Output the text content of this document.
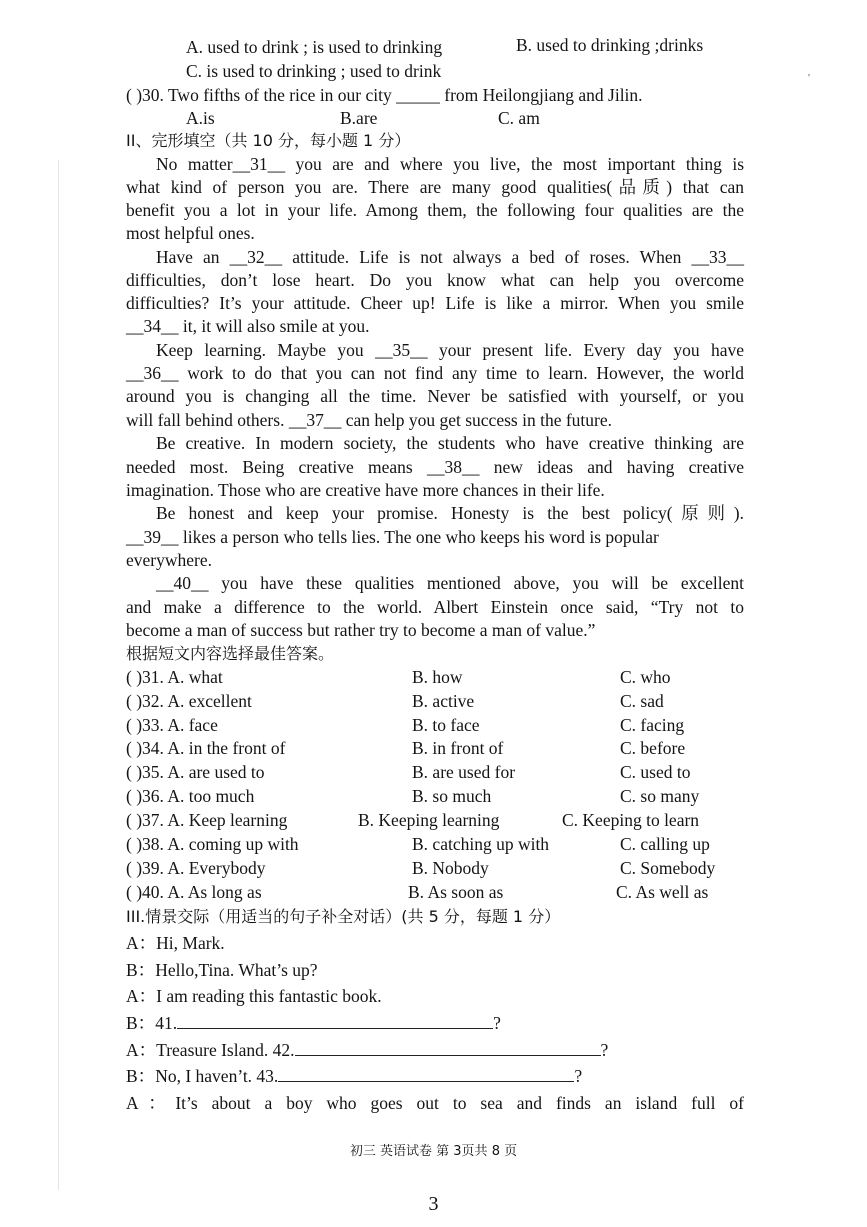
'
A. used to drink ; is used to drinking	B. used to drinking ;drinks
C. is used to drinking ; used to drink
( )30. Two fifths of the rice in our city _____ from Heilongjiang and Jilin.
A.is	B.are	C. am
II、完形填空（共 10 分，每小题 1 分）
No matter__31__ you are and where you live, the most important thing is
what kind of person you are. There are many good qualities(品质) that can
benefit you a lot in your life. Among them, the following four qualities are the
most helpful ones.
Have an __32__ attitude. Life is not always a bed of roses. When __33__
difficulties, don’t lose heart. Do you know what can help you overcome
difficulties? It’s your attitude. Cheer up! Life is like a mirror. When you smile
__34__ it, it will also smile at you.
Keep learning. Maybe you __35__ your present life. Every day you have
__36__ work to do that you can not find any time to learn. However, the world
around you is changing all the time. Never be satisfied with yourself, or you
will fall behind others. __37__ can help you get success in the future.
Be creative. In modern society, the students who have creative thinking are
needed most. Being creative means __38__ new ideas and having creative
imagination. Those who are creative have more chances in their life.
Be honest and keep your promise. Honesty is the best policy(原则).
__39__ likes a person who tells lies. The one who keeps his word is popular
everywhere.
__40__ you have these qualities mentioned above, you will be excellent
and make a difference to the world. Albert Einstein once said, “Try not to
become a man of success but rather try to become a man of value.”
根据短文内容选择最佳答案。
( )31. A. what	B. how	C. who
( )32. A. excellent	B. active	C. sad
( )33. A. face	B. to face	C. facing
( )34. A. in the front of	B. in front of	C. before
( )35. A. are used to	B. are used for	C. used to
( )36. A. too much	B. so much	C. so many
( )37. A. Keep learning	B. Keeping learning	C. Keeping to learn
( )38. A. coming up with	B. catching up with	C. calling up
( )39. A. Everybody	B. Nobody	C. Somebody
( )40. A. As long as	B. As soon as	C. As well as
III.情景交际（用适当的句子补全对话）(共 5 分，每题 1 分）
A：Hi, Mark.
B：Hello,Tina. What’s up?
A：I am reading this fantastic book.
B：41.	?
A：Treasure Island. 42.	?
B：No, I haven’t. 43.	?
A：It’s about a boy who goes out to sea and finds an island full of
初三 英语试卷 第 3页共 8 页
3
